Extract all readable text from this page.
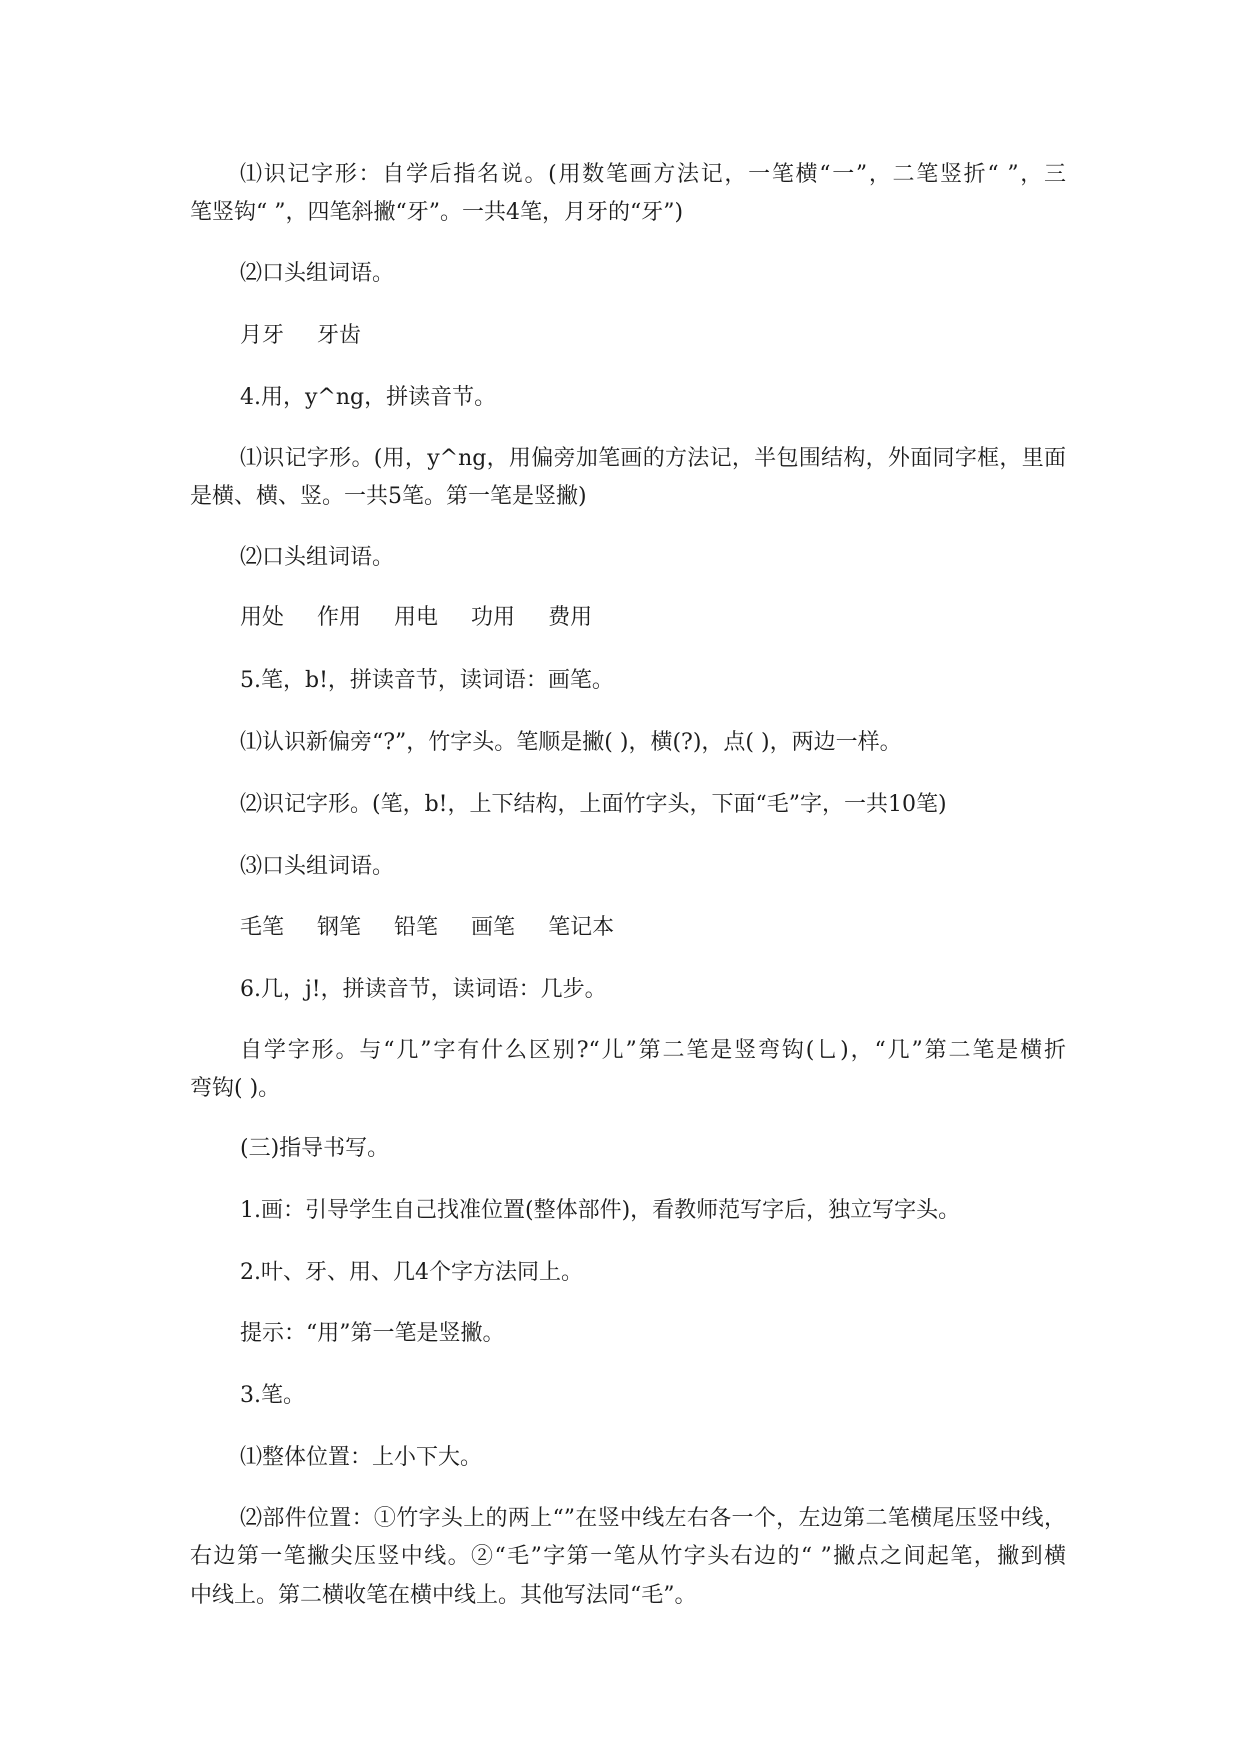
⑴识记字形：自学后指名说。(用数笔画方法记，一笔横“一”，二笔竖折“ ”，三
笔竖钩“ ”，四笔斜撇“牙”。一共4笔，月牙的“牙”)
⑵口头组词语。
月牙 牙齿
4.用，y^ng，拼读音节。
⑴识记字形。(用，y^ng，用偏旁加笔画的方法记，半包围结构，外面同字框，里面
是横、横、竖。一共5笔。第一笔是竖撇)
⑵口头组词语。
用处 作用 用电 功用 费用
5.笔，b!，拼读音节，读词语：画笔。
⑴认识新偏旁“?”，竹字头。笔顺是撇( )，横(?)，点( )，两边一样。
⑵识记字形。(笔，b!，上下结构，上面竹字头，下面“毛”字，一共10笔)
⑶口头组词语。
毛笔 钢笔 铅笔 画笔 笔记本
6.几，j!，拼读音节，读词语：几步。
自学字形。与“几”字有什么区别?“儿”第二笔是竖弯钩(乚)，“几”第二笔是横折
弯钩( )。
(三)指导书写。
1.画：引导学生自己找准位置(整体部件)，看教师范写字后，独立写字头。
2.叶、牙、用、几4个字方法同上。
提示：“用”第一笔是竖撇。
3.笔。
⑴整体位置：上小下大。
⑵部件位置：①竹字头上的两上“”在竖中线左右各一个，左边第二笔横尾压竖中线，
右边第一笔撇尖压竖中线。②“毛”字第一笔从竹字头右边的“ ”撇点之间起笔，撇到横
中线上。第二横收笔在横中线上。其他写法同“毛”。
